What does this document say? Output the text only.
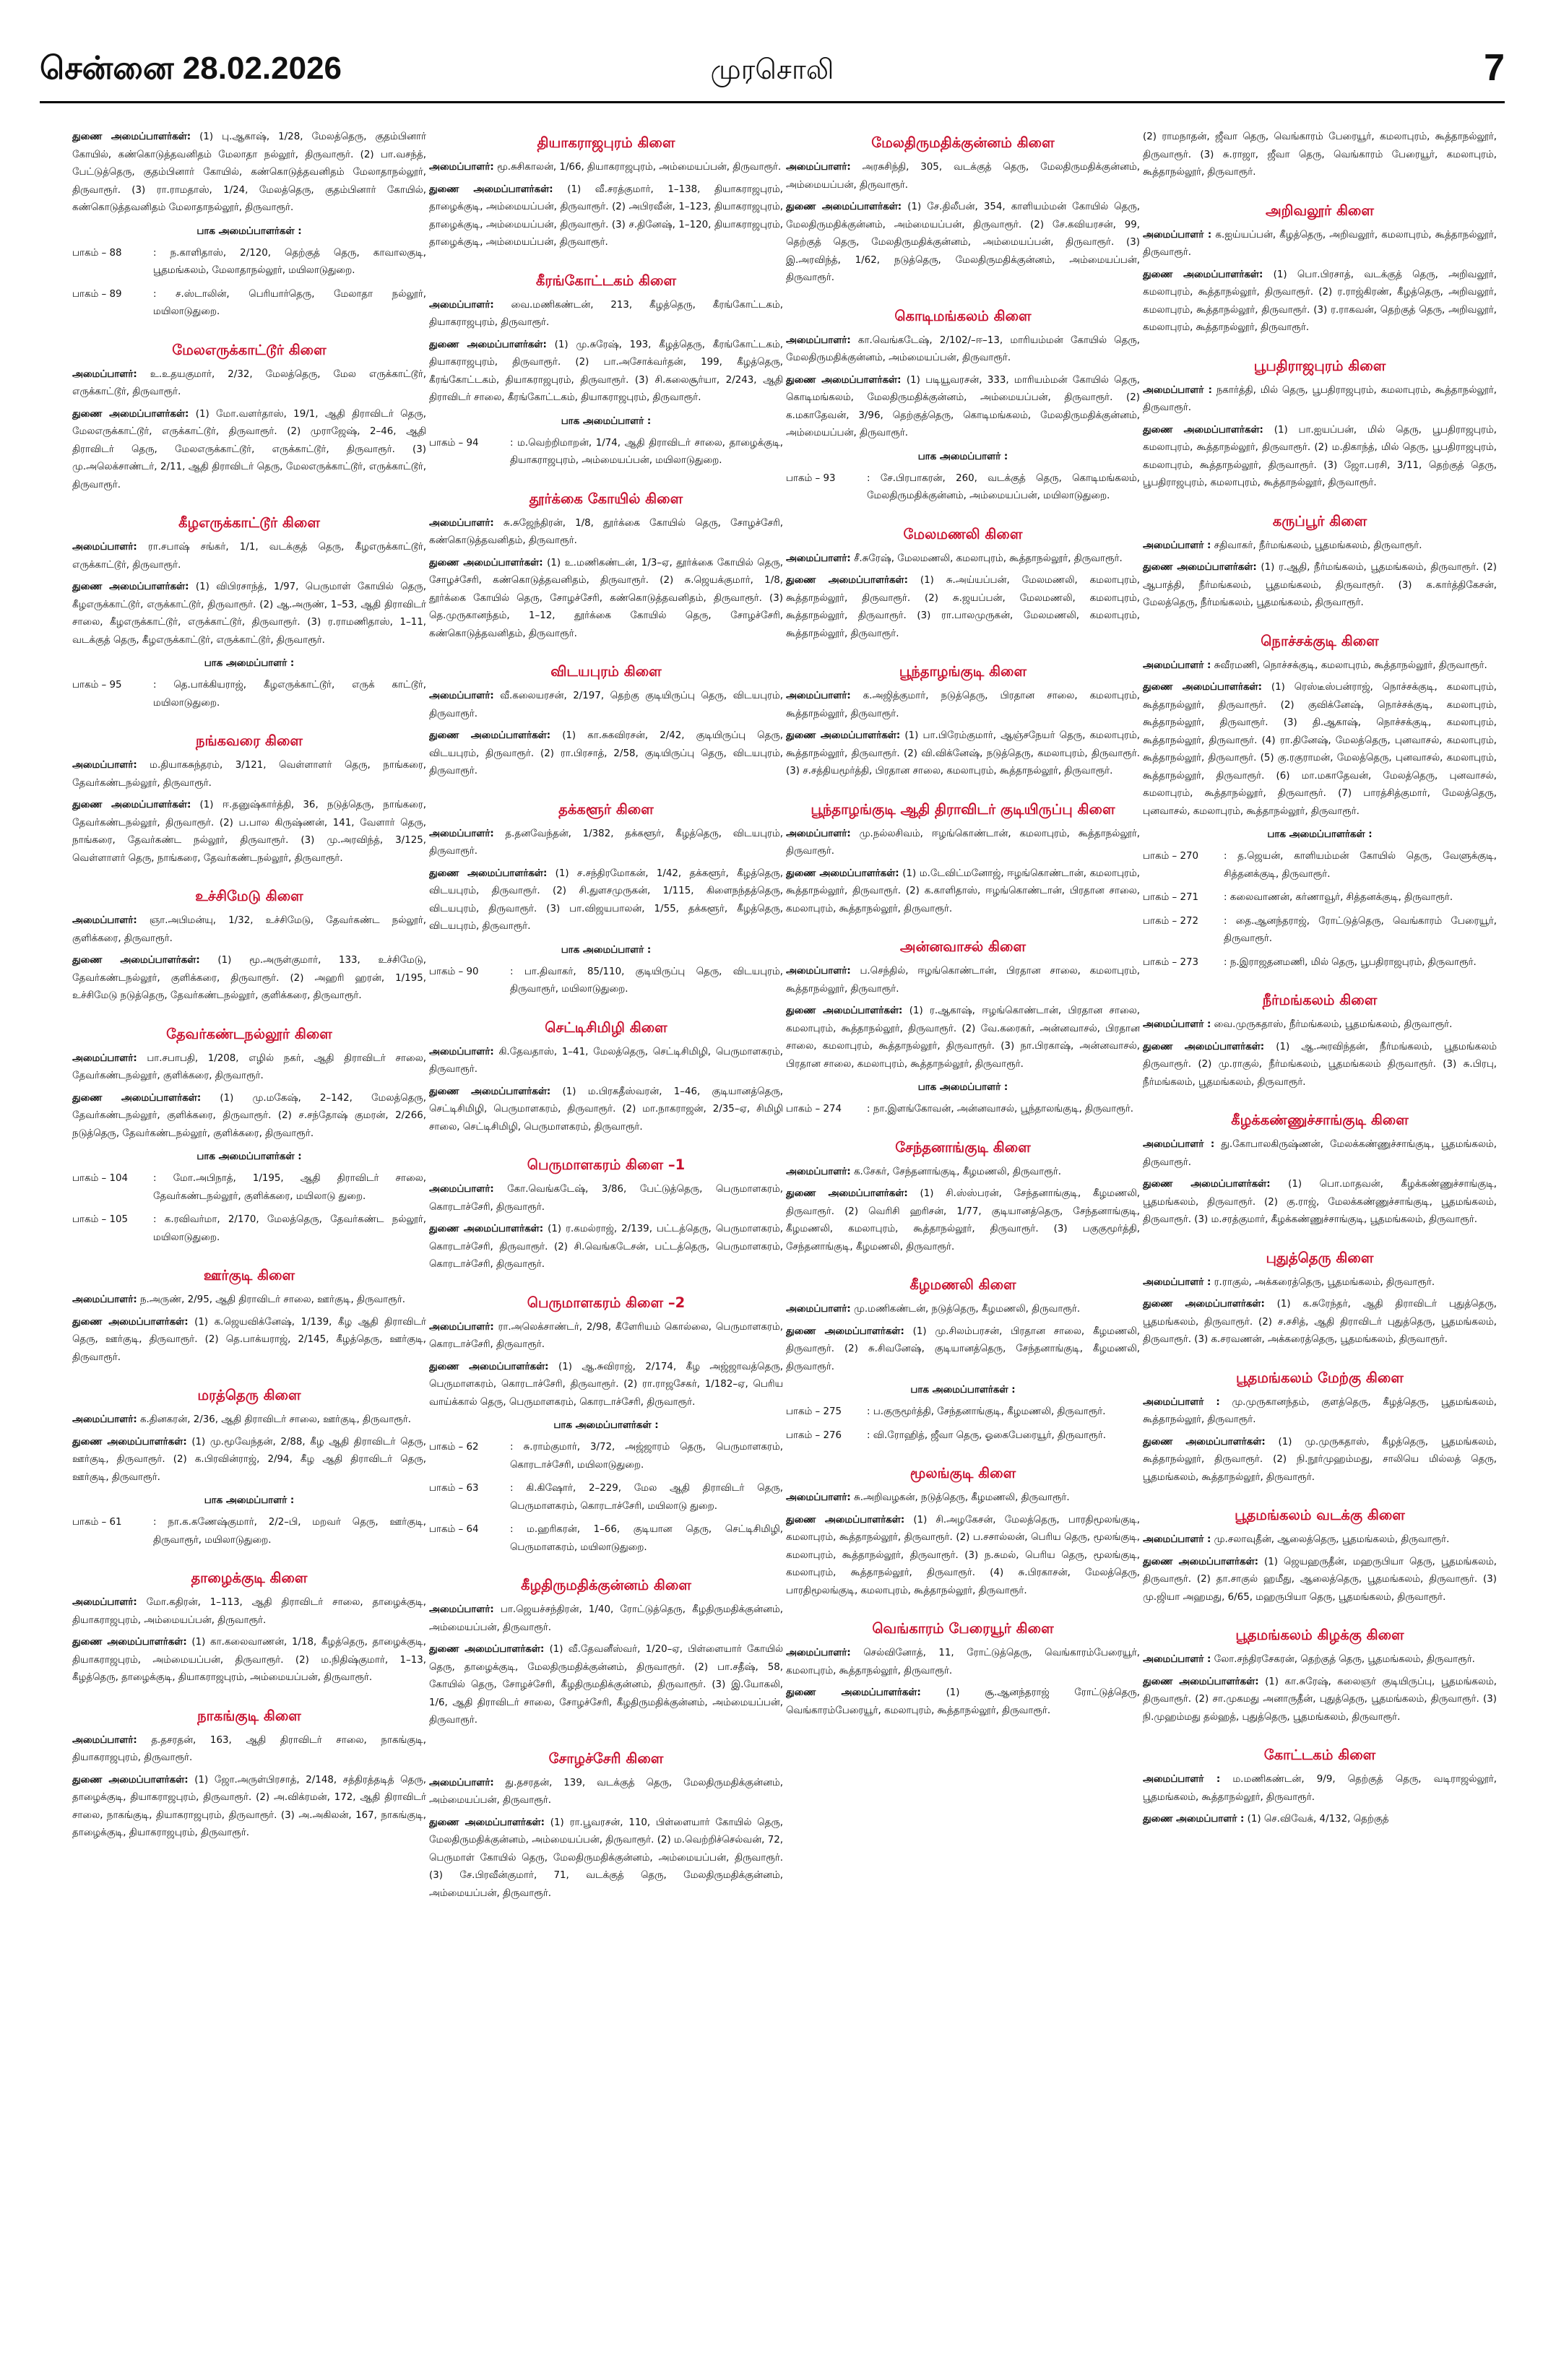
சென்னை 28.02.2026	முரசொலி	7
துணை அமைப்பாளர்கள்: (1) பு.ஆகாஷ், 1/28, மேலத்தெரு, குதம்பினார் கோயில், கண்கொடுத்தவனிதம் மேலாதா நல்லூர், திருவாரூர். (2) பா.வசந்த், பேட்டுத்தெரு, குதம்பினார் கோயில், கண்கொடுத்தவனிதம் மேலாதாநல்லூர், திருவாரூர். (3) ரா.ராமதாஸ், 1/24, மேலத்தெரு, குதம்பினார் கோயில், கண்கொடுத்தவனிதம் மேலாதாநல்லூர், திருவாரூர்.
பாக அமைப்பாளர்கள் :
பாகம் – 88	: ந.காளிதாஸ், 2/120, தெற்குத் தெரு, காவாலகுடி, பூதமங்கலம், மேலாதாநல்லூர், மயிலாடுதுறை.
பாகம் – 89	: ச.ஸ்டாலின், பெரியார்தெரு, மேலாதா நல்லூர், மயிலாடுதுறை.
மேலஎருக்காட்டூர் கிளை
அமைப்பாளர்: உ.உதயகுமார், 2/32, மேலத்தெரு, மேல எருக்காட்டூர், எருக்காட்டூர், திருவாரூர்.
துணை அமைப்பாளர்கள்: (1) மோ.வளர்தாஸ், 19/1, ஆதி திராவிடர் தெரு, மேலஎருக்காட்டூர், எருக்காட்டூர், திருவாரூர். (2) முராஜேஷ், 2–46, ஆதி திராவிடர் தெரு, மேலஎருக்காட்டூர், எருக்காட்டூர், திருவாரூர். (3) மு.அலெக்சாண்டர், 2/11, ஆதி திராவிடர் தெரு, மேலஎருக்காட்டூர், எருக்காட்டூர், திருவாரூர்.
கீழஎருக்காட்டூர் கிளை
அமைப்பாளர்: ரா.சபாஷ் சங்கர், 1/1, வடக்குத் தெரு, கீழஎருக்காட்டூர், எருக்காட்டூர், திருவாரூர்.
துணை அமைப்பாளர்கள்: (1) விபிரசாந்த், 1/97, பெருமாள் கோயில் தெரு, கீழஎருக்காட்டூர், எருக்காட்டூர், திருவாரூர். (2) ஆ.அருண், 1–53, ஆதி திராவிடர் சாலை, கீழஎருக்காட்டூர், எருக்காட்டூர், திருவாரூர். (3) ர.ராமணிதாஸ், 1–11, வடக்குத் தெரு, கீழஎருக்காட்டூர், எருக்காட்டூர், திருவாரூர்.
பாக அமைப்பாளர் :
பாகம் – 95	: தெ.பாக்கியராஜ், கீழஎருக்காட்டூர், எருக் காட்டூர், மயிலாடுதுறை.
நங்கவரை கிளை
அமைப்பாளர்: ம.தியாகசுந்தரம், 3/121, வெள்ளாளர் தெரு, நாங்கரை, தேவர்கண்டநல்லூர், திருவாரூர்.
துணை அமைப்பாளர்கள்: (1) ஈ.தனுஷ்கார்த்தி, 36, நடுத்தெரு, நாங்கரை, தேவர்கண்டநல்லூர், திருவாரூர். (2) ப.பால கிருஷ்ணன், 141, வேளார் தெரு, நாங்கரை, தேவர்கண்ட நல்லூர், திருவாரூர். (3) மு.அரவிந்த், 3/125, வெள்ளாளர் தெரு, நாங்கரை, தேவர்கண்டநல்லூர், திருவாரூர்.
உச்சிமேடு கிளை
அமைப்பாளர்: ஞா.அபிமன்யு, 1/32, உச்சிமேடு, தேவர்கண்ட நல்லூர், குளிக்கரை, திருவாரூர்.
துணை அமைப்பாளர்கள்: (1) மூ.அருள்குமார், 133, உச்சிமேடு, தேவர்கண்டநல்லூர், குளிக்கரை, திருவாரூர். (2) அஹரி ஹரன், 1/195, உச்சிமேடு நடுத்தெரு, தேவர்கண்டநல்லூர், குளிக்கரை, திருவாரூர்.
தேவர்கண்டநல்லூர் கிளை
அமைப்பாளர்: பா.சபாபதி, 1/208, எழில் நகர், ஆதி திராவிடர் சாலை, தேவர்கண்டநல்லூர், குளிக்கரை, திருவாரூர்.
துணை அமைப்பாளர்கள்: (1) மு.மகேஷ், 2–142, மேலத்தெரு, தேவர்கண்டநல்லூர், குளிக்கரை, திருவாரூர். (2) ச.சந்தோஷ் குமரன், 2/266, நடுத்தெரு, தேவர்கண்டநல்லூர், குளிக்கரை, திருவாரூர்.
பாக அமைப்பாளர்கள் :
பாகம் – 104	: மோ.அபிநாத், 1/195, ஆதி திராவிடர் சாலை, தேவர்கண்டநல்லூர், குளிக்கரை, மயிலாடு துறை.
பாகம் – 105	: க.ரவிவர்மா, 2/170, மேலத்தெரு, தேவர்கண்ட நல்லூர், மயிலாடுதுறை.
ஊர்குடி கிளை
அமைப்பாளர்: ந.அருண், 2/95, ஆதி திராவிடர் சாலை, ஊர்குடி, திருவாரூர்.
துணை அமைப்பாளர்கள்: (1) க.ஜெயவிக்னேஷ், 1/139, கீழ ஆதி திராவிடர் தெரு, ஊர்குடி, திருவாரூர். (2) தெ.பாக்யராஜ், 2/145, கீழத்தெரு, ஊர்குடி, திருவாரூர்.
மரத்தெரு கிளை
அமைப்பாளர்: க.தினகரன், 2/36, ஆதி திராவிடர் சாலை, ஊர்குடி, திருவாரூர்.
துணை அமைப்பாளர்கள்: (1) மு.மூவேந்தன், 2/88, கீழ ஆதி திராவிடர் தெரு, ஊர்குடி, திருவாரூர். (2) க.பிரவின்ராஜ், 2/94, கீழ ஆதி திராவிடர் தெரு, ஊர்குடி, திருவாரூர்.
பாக அமைப்பாளர் :
பாகம் – 61	: நா.க.கணேஷ்குமார், 2/2–பி, மறவர் தெரு, ஊர்குடி, திருவாரூர், மயிலாடுதுறை.
தாழைக்குடி கிளை
அமைப்பாளர்: மோ.கதிரன், 1–113, ஆதி திராவிடர் சாலை, தாழைக்குடி, தியாகராஜபுரம், அம்மையப்பன், திருவாரூர்.
துணை அமைப்பாளர்கள்: (1) கா.கலைவாணன், 1/18, கீழத்தெரு, தாழைக்குடி, தியாகராஜபுரம், அம்மையப்பன், திருவாரூர். (2) ம.நிதிஷ்குமார், 1–13, கீழத்தெரு, தாழைக்குடி, தியாகராஜபுரம், அம்மையப்பன், திருவாரூர்.
நாகங்குடி கிளை
அமைப்பாளர்: த.தசரதன், 163, ஆதி திராவிடர் சாலை, நாகங்குடி, தியாகராஜபுரம், திருவாரூர்.
துணை அமைப்பாளர்கள்: (1) ஜோ.அருள்பிரசாத், 2/148, சத்திரத்தடித் தெரு, தாழைக்குடி, தியாகராஜபுரம், திருவாரூர். (2) அ.விக்ரமன், 172, ஆதி திராவிடர் சாலை, நாகங்குடி, தியாகராஜபுரம், திருவாரூர். (3) அ.அகிலன், 167, நாகங்குடி, தாழைக்குடி, தியாகராஜபுரம், திருவாரூர்.
தியாகராஜபுரம் கிளை
அமைப்பாளர்: மூ.சுசிகாலன், 1/66, தியாகராஜபுரம், அம்மையப்பன், திருவாரூர்.
துணை அமைப்பாளர்கள்: (1) வீ.சரத்குமார், 1–138, தியாகராஜபுரம், தாழைக்குடி, அம்மையப்பன், திருவாரூர். (2) அபிரவீன், 1–123, தியாகராஜபுரம், தாழைக்குடி, அம்மையப்பன், திருவாரூர். (3) ச.தினேஷ், 1–120, தியாகராஜபுரம், தாழைக்குடி, அம்மையப்பன், திருவாரூர்.
கீரங்கோட்டகம் கிளை
அமைப்பாளர்: வை.மணிகண்டன், 213, கீழத்தெரு, கீரங்கோட்டகம், தியாகராஜபுரம், திருவாரூர்.
துணை அமைப்பாளர்கள்: (1) மு.சுரேஷ், 193, கீழத்தெரு, கீரங்கோட்டகம், தியாகராஜபுரம், திருவாரூர். (2) பா.அசோக்வர்தன், 199, கீழத்தெரு, கீரங்கோட்டகம், தியாகராஜபுரம், திருவாரூர். (3) சி.கலைசூர்யா, 2/243, ஆதி திராவிடர் சாலை, கீரங்கோட்டகம், தியாகராஜபுரம், திருவாரூர்.
பாக அமைப்பாளர் :
பாகம் – 94	: ம.வெற்றிமாறன், 1/74, ஆதி திராவிடர் சாலை, தாழைக்குடி, தியாகராஜபுரம், அம்மையப்பன், மயிலாடுதுறை.
தூர்க்கை கோயில் கிளை
அமைப்பாளர்: சு.சுஜேந்திரன், 1/8, தூர்க்கை கோயில் தெரு, சோழச்சேரி, கண்கொடுத்தவனிதம், திருவாரூர்.
துணை அமைப்பாளர்கள்: (1) உ.மணிகண்டன், 1/3–ஏ, தூர்க்கை கோயில் தெரு, சோழச்சேரி, கண்கொடுத்தவனிதம், திருவாரூர். (2) சு.ஜெயக்குமார், 1/8, தூர்க்கை கோயில் தெரு, சோழச்சேரி, கண்கொடுத்தவனிதம், திருவாரூர். (3) தெ.முருகானந்தம், 1–12, தூர்க்கை கோயில் தெரு, சோழச்சேரி, கண்கொடுத்தவனிதம், திருவாரூர்.
விடயபுரம் கிளை
அமைப்பாளர்: வீ.கலையரசன், 2/197, தெற்கு குடியிருப்பு தெரு, விடயபுரம், திருவாரூர்.
துணை அமைப்பாளர்கள்: (1) கா.சுகவிரசன், 2/42, குடியிருப்பு தெரு, விடயபுரம், திருவாரூர். (2) ரா.பிரசாத், 2/58, குடியிருப்பு தெரு, விடயபுரம், திருவாரூர்.
தக்களூர் கிளை
அமைப்பாளர்: த.தனவேந்தன், 1/382, தக்களூர், கீழத்தெரு, விடயபுரம், திருவாரூர்.
துணை அமைப்பாளர்கள்: (1) ச.சந்திரமோகன், 1/42, தக்களூர், கீழத்தெரு, விடயபுரம், திருவாரூர். (2) சி.துளசமுருகன், 1/115, கிளைநந்தத்தெரு, விடயபுரம், திருவாரூர். (3) பா.விஜயபாலன், 1/55, தக்களூர், கீழத்தெரு, விடயபுரம், திருவாரூர்.
பாக அமைப்பாளர் :
பாகம் – 90	: பா.திவாகர், 85/110, குடியிருப்பு தெரு, விடயபுரம், திருவாரூர், மயிலாடுதுறை.
செட்டிசிமிழி கிளை
அமைப்பாளர்: கி.தேவதாஸ், 1–41, மேலத்தெரு, செட்டிசிமிழி, பெருமாளகரம், திருவாரூர்.
துணை அமைப்பாளர்கள்: (1) ம.பிரகதீஸ்வரன், 1–46, குடியானத்தெரு, செட்டிசிமிழி, பெருமாளகரம், திருவாரூர். (2) மா.நாகராஜன், 2/35–ஏ, சிமிழி சாலை, செட்டிசிமிழி, பெருமாளகரம், திருவாரூர்.
பெருமாளகரம் கிளை –1
அமைப்பாளர்: கோ.வெங்கடேஷ், 3/86, பேட்டுத்தெரு, பெருமாளகரம், கொரடாச்சேரி, திருவாரூர்.
துணை அமைப்பாளர்கள்: (1) ர.கமல்ராஜ், 2/139, பட்டத்தெரு, பெருமாளகரம், கொரடாச்சேரி, திருவாரூர். (2) சி.வெங்கடேசன், பட்டத்தெரு, பெருமாளகரம், கொரடாச்சேரி, திருவாரூர்.
பெருமாளகரம் கிளை –2
அமைப்பாளர்: ரா.அலெக்சாண்டர், 2/98, கீளேரியம் கொல்லை, பெருமாளகரம், கொரடாச்சேரி, திருவாரூர்.
துணை அமைப்பாளர்கள்: (1) ஆ.சுவிராஜ், 2/174, கீழ அஜ்ஜாவத்தெரு, பெருமாளகரம், கொரடாச்சேரி, திருவாரூர். (2) ரா.ராஜசேகர், 1/182–ஏ, பெரிய வாய்க்கால் தெரு, பெருமாளகரம், கொரடாச்சேரி, திருவாரூர்.
பாக அமைப்பாளர்கள் :
பாகம் – 62	: சு.ராம்குமார், 3/72, அஜ்ஜாரம் தெரு, பெருமாளகரம், கொரடாச்சேரி, மயிலாடுதுறை.
பாகம் – 63	: கி.கிஷோர், 2–229, மேல ஆதி திராவிடர் தெரு, பெருமாளகரம், கொரடாச்சேரி, மயிலாடு துறை.
பாகம் – 64	: ம.ஹரிகரன், 1–66, குடியான தெரு, செட்டிசிமிழி, பெருமாளகரம், மயிலாடுதுறை.
கீழதிருமதிக்குன்னம் கிளை
அமைப்பாளர்: பா.ஜெயச்சந்திரன், 1/40, ரோட்டுத்தெரு, கீழதிருமதிக்குன்னம், அம்மையப்பன், திருவாரூர்.
துணை அமைப்பாளர்கள்: (1) வீ.தேவனீஸ்வர், 1/20–ஏ, பிள்ளையார் கோயில் தெரு, தாழைக்குடி, மேலதிருமதிக்குன்னம், திருவாரூர். (2) பா.சதீஷ், 58, கோயில் தெரு, சோழச்சேரி, கீழதிருமதிக்குன்னம், திருவாரூர். (3) இ.யோகலி, 1/6, ஆதி திராவிடர் சாலை, சோழச்சேரி, கீழதிருமதிக்குன்னம், அம்மையப்பன், திருவாரூர்.
சோழச்சேரி கிளை
அமைப்பாளர்: து.தசரதன், 139, வடக்குத் தெரு, மேலதிருமதிக்குன்னம், அம்மையப்பன், திருவாரூர்.
துணை அமைப்பாளர்கள்: (1) ரா.பூவரசன், 110, பிள்ளையார் கோயில் தெரு, மேலதிருமதிக்குன்னம், அம்மையப்பன், திருவாரூர். (2) ம.வெற்றிச்செல்வன், 72, பெருமாள் கோயில் தெரு, மேலதிருமதிக்குன்னம், அம்மையப்பன், திருவாரூர். (3) சே.பிரவீன்குமார், 71, வடக்குத் தெரு, மேலதிருமதிக்குன்னம், அம்மையப்பன், திருவாரூர்.
மேலதிருமதிக்குன்னம் கிளை
அமைப்பாளர்: அரசுசிந்தி, 305, வடக்குத் தெரு, மேலதிருமதிக்குன்னம், அம்மையப்பன், திருவாரூர்.
துணை அமைப்பாளர்கள்: (1) சே.திலீபன், 354, காளியம்மன் கோயில் தெரு, மேலதிருமதிக்குன்னம், அம்மையப்பன், திருவாரூர். (2) சே.கவியரசன், 99, தெற்குத் தெரு, மேலதிருமதிக்குன்னம், அம்மையப்பன், திருவாரூர். (3) இ.அரவிந்த், 1/62, நடுத்தெரு, மேலதிருமதிக்குன்னம், அம்மையப்பன், திருவாரூர்.
கொடிமங்கலம் கிளை
அமைப்பாளர்: கா.வெங்கடேஷ், 2/102/–ஈ–13, மாரியம்மன் கோயில் தெரு, மேலதிருமதிக்குன்னம், அம்மையப்பன், திருவாரூர்.
துணை அமைப்பாளர்கள்: (1) படியூவரசன், 333, மாரியம்மன் கோயில் தெரு, கொடிமங்கலம், மேலதிருமதிக்குன்னம், அம்மையப்பன், திருவாரூர். (2) க.மகாதேவன், 3/96, தெற்குத்தெரு, கொடிமங்கலம், மேலதிருமதிக்குன்னம், அம்மையப்பன், திருவாரூர்.
பாக அமைப்பாளர் :
பாகம் – 93	: சே.பிரபாகரன், 260, வடக்குத் தெரு, கொடிமங்கலம், மேலதிருமதிக்குன்னம், அம்மையப்பன், மயிலாடுதுறை.
மேலமணலி கிளை
அமைப்பாளர்: சீ.சுரேஷ், மேலமணலி, கமலாபுரம், கூத்தாநல்லூர், திருவாரூர்.
துணை அமைப்பாளர்கள்: (1) சு.அய்யப்பன், மேலமணலி, கமலாபுரம், கூத்தாநல்லூர், திருவாரூர். (2) சு.ஜயப்பன், மேலமணலி, கமலாபுரம், கூத்தாநல்லூர், திருவாரூர். (3) ரா.பாலமுருகன், மேலமணலி, கமலாபுரம், கூத்தாநல்லூர், திருவாரூர்.
பூந்தாழங்குடி கிளை
அமைப்பாளர்: க.அஜித்குமார், நடுத்தெரு, பிரதான சாலை, கமலாபுரம், கூத்தாநல்லூர், திருவாரூர்.
துணை அமைப்பாளர்கள்: (1) பா.பிரேம்குமார், ஆஞ்சநேயர் தெரு, கமலாபுரம், கூத்தாநல்லூர், திருவாரூர். (2) வி.விக்னேஷ், நடுத்தெரு, கமலாபுரம், திருவாரூர். (3) ச.சத்தியமூர்த்தி, பிரதான சாலை, கமலாபுரம், கூத்தாநல்லூர், திருவாரூர்.
பூந்தாழங்குடி ஆதி திராவிடர் குடியிருப்பு கிளை
அமைப்பாளர்: மு.நல்லசிவம், ஈழங்கொண்டான், கமலாபுரம், கூத்தாநல்லூர், திருவாரூர்.
துணை அமைப்பாளர்கள்: (1) ம.டேவிட்மனோஜ், ஈழங்கொண்டான், கமலாபுரம், கூத்தாநல்லூர், திருவாரூர். (2) க.காளிதாஸ், ஈழங்கொண்டான், பிரதான சாலை, கமலாபுரம், கூத்தாநல்லூர், திருவாரூர்.
அன்னவாசல் கிளை
அமைப்பாளர்: ப.செந்தில், ஈழங்கொண்டான், பிரதான சாலை, கமலாபுரம், கூத்தாநல்லூர், திருவாரூர்.
துணை அமைப்பாளர்கள்: (1) ர.ஆகாஷ், ஈழங்கொண்டான், பிரதான சாலை, கமலாபுரம், கூத்தாநல்லூர், திருவாரூர். (2) வே.கரைகர், அன்னவாசல், பிரதான சாலை, கமலாபுரம், கூத்தாநல்லூர், திருவாரூர். (3) நா.பிரகாஷ், அன்னவாசல், பிரதான சாலை, கமலாபுரம், கூத்தாநல்லூர், திருவாரூர்.
பாக அமைப்பாளர் :
பாகம் – 274	: நா.இளங்கோவன், அன்னவாசல், பூந்தாலங்குடி, திருவாரூர்.
சேந்தனாங்குடி கிளை
அமைப்பாளர்: க.சேகர், சேந்தனாங்குடி, கீழமணலி, திருவாரூர்.
துணை அமைப்பாளர்கள்: (1) சி.ஸ்ஸ்பரன், சேந்தனாங்குடி, கீழமணலி, திருவாரூர். (2) வெரிசி ஹரிசன், 1/77, குடியானத்தெரு, சேந்தனாங்குடி, கீழமணலி, கமலாபுரம், கூத்தாநல்லூர், திருவாரூர். (3) பகுகுமூர்த்தி, சேந்தனாங்குடி, கீழமணலி, திருவாரூர்.
கீழமணலி கிளை
அமைப்பாளர்: மு.மணிகண்டன், நடுத்தெரு, கீழமணலி, திருவாரூர்.
துணை அமைப்பாளர்கள்: (1) மு.சிலம்பரசன், பிரதான சாலை, கீழமணலி, திருவாரூர். (2) சு.சிவனேஷ், குடியானத்தெரு, சேந்தனாங்குடி, கீழமணலி, திருவாரூர்.
பாக அமைப்பாளர்கள் :
பாகம் – 275	: ப.குருமூர்த்தி, சேந்தனாங்குடி, கீழமணலி, திருவாரூர்.
பாகம் – 276	: வி.ரோஹித், ஜீவா தெரு, ஓகைபேரையூர், திருவாரூர்.
மூலங்குடி கிளை
அமைப்பாளர்: சு.அறிவழகன், நடுத்தெரு, கீழமணலி, திருவாரூர்.
துணை அமைப்பாளர்கள்: (1) சி.அழகேசன், மேலத்தெரு, பாரதிமூலங்குடி, கமலாபுரம், கூத்தாநல்லூர், திருவாரூர். (2) ப.சசால்லன், பெரிய தெரு, மூலங்குடி, கமலாபுரம், கூத்தாநல்லூர், திருவாரூர். (3) ந.சுமல், பெரிய தெரு, மூலங்குடி, கமலாபுரம், கூத்தாநல்லூர், திருவாரூர். (4) சு.பிரகாசன், மேலத்தெரு, பாரதிமூலங்குடி, கமலாபுரம், கூத்தாநல்லூர், திருவாரூர்.
வெங்காரம் பேரையூர் கிளை
அமைப்பாளர்: செல்வினோத், 11, ரோட்டுத்தெரு, வெங்காரம்பேரையூர், கமலாபுரம், கூத்தாநல்லூர், திருவாரூர்.
துணை அமைப்பாளர்கள்:	(1) சூ.ஆனந்தராஜ் ரோட்டுத்தெரு, வெங்காரம்பேரையூர், கமலாபுரம், கூத்தாநல்லூர், திருவாரூர்.
(2) ராமநாதன், ஜீவா தெரு, வெங்காரம் பேரையூர், கமலாபுரம், கூத்தாநல்லூர், திருவாரூர். (3) சு.ராஜா, ஜீவா தெரு, வெங்காரம் பேரையூர், கமலாபுரம், கூத்தாநல்லூர், திருவாரூர்.
அறிவலூர் கிளை
அமைப்பாளர் : க.ஐய்யப்பன், கீழத்தெரு, அறிவலூர், கமலாபுரம், கூத்தாநல்லூர், திருவாரூர்.
துணை அமைப்பாளர்கள்: (1) பொ.பிரசாத், வடக்குத் தெரு, அறிவலூர், கமலாபுரம், கூத்தாநல்லூர், திருவாரூர். (2) ர.ராஜ்கிரண், கீழத்தெரு, அறிவலூர், கமலாபுரம், கூத்தாநல்லூர், திருவாரூர். (3) ர.ராகவன், தெற்குத் தெரு, அறிவலூர், கமலாபுரம், கூத்தாநல்லூர், திருவாரூர்.
பூபதிராஜபுரம் கிளை
அமைப்பாளர் : நகார்த்தி, மில் தெரு, பூபதிராஜபுரம், கமலாபுரம், கூத்தாநல்லூர், திருவாரூர்.
துணை அமைப்பாளர்கள்: (1) பா.ஐயப்பன், மில் தெரு, பூபதிராஜபுரம், கமலாபுரம், கூத்தாநல்லூர், திருவாரூர். (2) ம.திகாந்த், மில் தெரு, பூபதிராஜபுரம், கமலாபுரம், கூத்தாநல்லூர், திருவாரூர். (3) ஜோ.பரசி, 3/11, தெற்குத் தெரு, பூபதிராஜபுரம், கமலாபுரம், கூத்தாநல்லூர், திருவாரூர்.
கருப்பூர் கிளை
அமைப்பாளர் : சதிவாகர், நீர்மங்கலம், பூதமங்கலம், திருவாரூர்.
துணை அமைப்பாளர்கள்: (1) ர.ஆதி, நீர்மங்கலம், பூதமங்கலம், திருவாரூர். (2) ஆபாத்தி, நீர்மங்கலம், பூதமங்கலம், திருவாரூர். (3) க.கார்த்திகேசன், மேலத்தெரு, நீர்மங்கலம், பூதமங்கலம், திருவாரூர்.
நொச்சக்குடி கிளை
அமைப்பாளர் : சுவீரமணி, நொச்சக்குடி, கமலாபுரம், கூத்தாநல்லூர், திருவாரூர்.
துணை அமைப்பாளர்கள்: (1) ரெஸ்டீஸ்பன்ராஜ், நொச்சக்குடி, கமலாபுரம், கூத்தாநல்லூர், திருவாரூர். (2) குவிக்னேஷ், நொச்சக்குடி, கமலாபுரம், கூத்தாநல்லூர், திருவாரூர். (3) தி.ஆகாஷ், நொச்சக்குடி, கமலாபுரம், கூத்தாநல்லூர், திருவாரூர். (4) ரா.தினேஷ், மேலத்தெரு, புனவாசல், கமலாபுரம், கூத்தாநல்லூர், திருவாரூர். (5) கு.ரகுராமன், மேலத்தெரு, புனவாசல், கமலாபுரம், கூத்தாநல்லூர், திருவாரூர். (6) மா.மகாதேவன், மேலத்தெரு, புனவாசல், கமலாபுரம், கூத்தாநல்லூர், திருவாரூர். (7) பாரத்சித்குமார், மேலத்தெரு, புனவாசல், கமலாபுரம், கூத்தாநல்லூர், திருவாரூர்.
பாக அமைப்பாளர்கள் :
பாகம் – 270	: த.ஜெயன், காளியம்மன் கோயில் தெரு, வேளுக்குடி, சித்தனக்குடி, திருவாரூர்.
பாகம் – 271	: கலைவாணன், கர்ணாவூர், சித்தனக்குடி, திருவாரூர்.
பாகம் – 272	: தை.ஆனந்தராஜ், ரோட்டுத்தெரு, வெங்காரம் பேரையூர், திருவாரூர்.
பாகம் – 273	: ந.இராஜதனமணி, மில் தெரு, பூபதிராஜபுரம், திருவாரூர்.
நீர்மங்கலம் கிளை
அமைப்பாளர் : வை.முருகதாஸ், நீர்மங்கலம், பூதமங்கலம், திருவாரூர்.
துணை அமைப்பாளர்கள்: (1) ஆ.அரவிந்தன், நீர்மங்கலம், பூதமங்கலம் திருவாரூர். (2) மு.ராகுல், நீர்மங்கலம், பூதமங்கலம் திருவாரூர். (3) சு.பிரபு, நீர்மங்கலம், பூதமங்கலம், திருவாரூர்.
கீழக்கண்ணுச்சாங்குடி கிளை
அமைப்பாளர் : து.கோபாலகிருஷ்ணன், மேலக்கண்ணுச்சாங்குடி, பூதமங்கலம், திருவாரூர்.
துணை அமைப்பாளர்கள்: (1) பொ.மாதவன், கீழக்கண்ணுச்சாங்குடி, பூதமங்கலம், திருவாரூர். (2) கு.ராஜ், மேலக்கண்ணுச்சாங்குடி, பூதமங்கலம், திருவாரூர். (3) ம.சரத்குமார், கீழக்கண்ணுச்சாங்குடி, பூதமங்கலம், திருவாரூர்.
புதுத்தெரு கிளை
அமைப்பாளர் : ர.ராகுல், அக்கரைத்தெரு, பூதமங்கலம், திருவாரூர்.
துணை அமைப்பாளர்கள்: (1) க.சுரேந்தர், ஆதி திராவிடர் புதுத்தெரு, பூதமங்கலம், திருவாரூர். (2) ச.சசித், ஆதி திராவிடர் புதுத்தெரு, பூதமங்கலம், திருவாரூர். (3) க.சரவணன், அக்கரைத்தெரு, பூதமங்கலம், திருவாரூர்.
பூதமங்கலம் மேற்கு கிளை
அமைப்பாளர் : மு.முருகானந்தம், குளத்தெரு, கீழத்தெரு, பூதமங்கலம், கூத்தாநல்லூர், திருவாரூர்.
துணை அமைப்பாளர்கள்: (1) மு.முருகதாஸ், கீழத்தெரு, பூதமங்கலம், கூத்தாநல்லூர், திருவாரூர். (2) நி.நூர்முஹம்மது, சாலியெ மில்லத் தெரு, பூதமங்கலம், கூத்தாநல்லூர், திருவாரூர்.
பூதமங்கலம் வடக்கு கிளை
அமைப்பாளர் : மு.சலாவுதீன், ஆலைத்தெரு, பூதமங்கலம், திருவாரூர்.
துணை அமைப்பாளர்கள்: (1) ஜெயஹருதீன், மஹருபியா தெரு, பூதமங்கலம், திருவாரூர். (2) தா.சாகுல் ஹமீது, ஆலைத்தெரு, பூதமங்கலம், திருவாரூர். (3) மு.ஜியா அஹமது, 6/65, மஹருபியா தெரு, பூதமங்கலம், திருவாரூர்.
பூதமங்கலம் கிழக்கு கிளை
அமைப்பாளர் : லோ.சந்திரசேகரன், தெற்குத் தெரு, பூதமங்கலம், திருவாரூர்.
துணை அமைப்பாளர்கள்: (1) கா.சுரேஷ், கலைஞர் குடியிருப்பு, பூதமங்கலம், திருவாரூர். (2) சா.முகமது அனாருதீன், புதுத்தெரு, பூதமங்கலம், திருவாரூர். (3) நி.முஹம்மது தல்ஹத், புதுத்தெரு, பூதமங்கலம், திருவாரூர்.
கோட்டகம் கிளை
அமைப்பாளர் : ம.மணிகண்டன், 9/9, தெற்குத் தெரு, வடிராஜல்லூர், பூதமங்கலம், கூத்தாநல்லூர், திருவாரூர்.
துணை அமைப்பாளர் : (1) செ.விவேக், 4/132, தெற்குத்
